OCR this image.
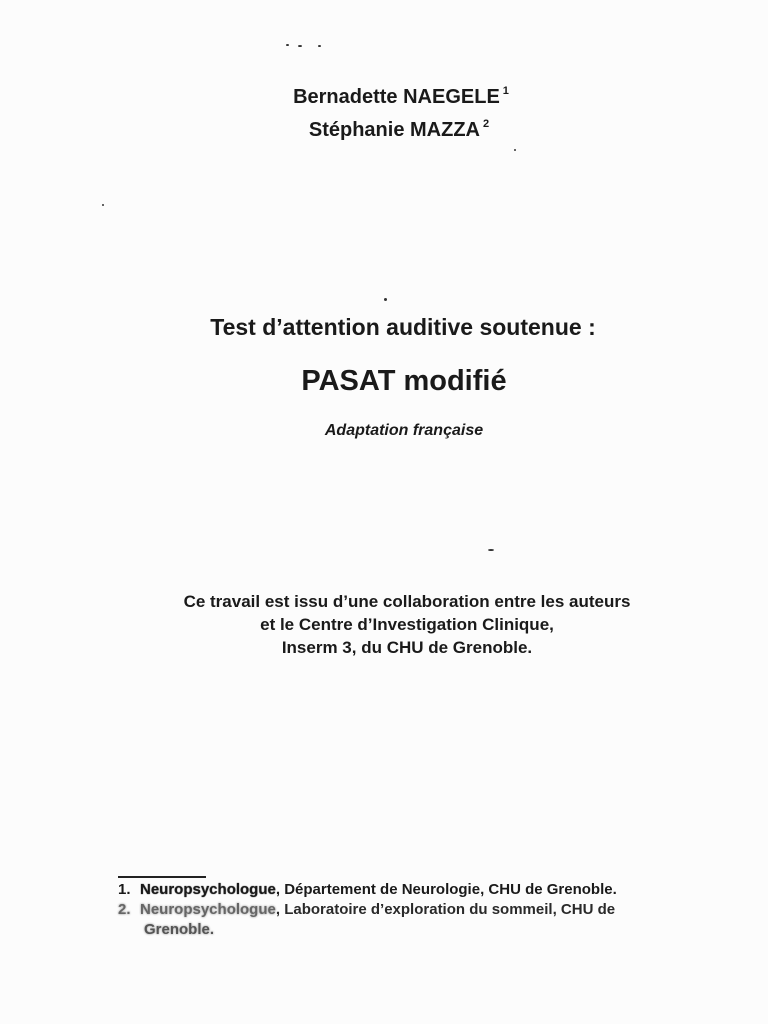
Bernadette NAEGELE $^1$
Stéphanie MAZZA $^2$
Test d’attention auditive soutenue :
PASAT modifié
Adaptation française
Ce travail est issu d’une collaboration entre les auteurs
et le Centre d’Investigation Clinique,
Inserm 3, du CHU de Grenoble.
1. Neuropsychologue, Département de Neurologie, CHU de Grenoble.
2. Neuropsychologue, Laboratoire d’exploration du sommeil, CHU de
Grenoble.
